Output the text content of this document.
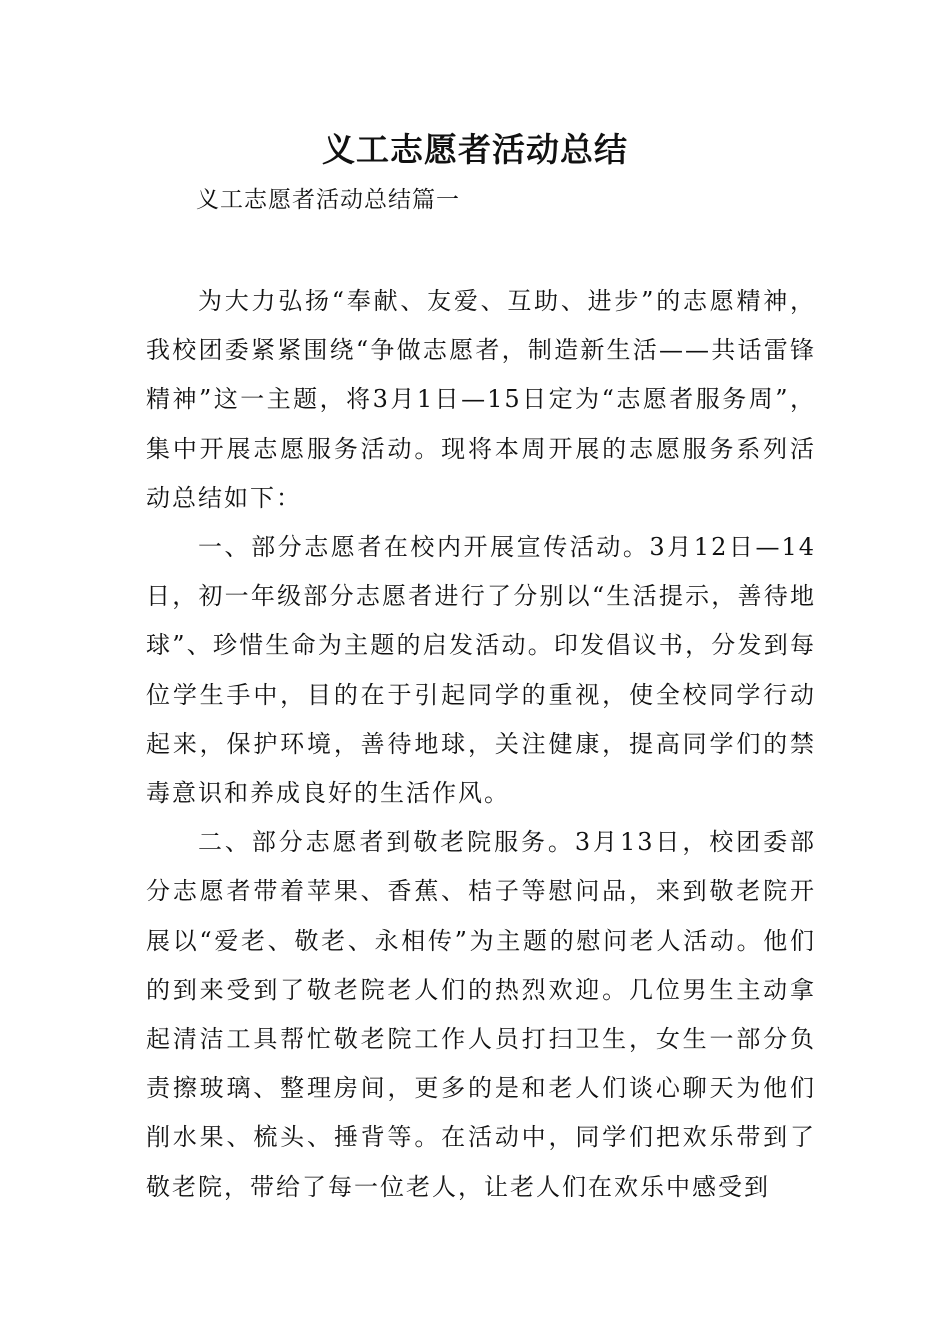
义工志愿者活动总结

义工志愿者活动总结篇一

为大力弘扬“奉献、友爱、互助、进步”的志愿精神，我校团委紧紧围绕“争做志愿者，制造新生活——共话雷锋精神”这一主题，将3月1日—15日定为“志愿者服务周”，集中开展志愿服务活动。现将本周开展的志愿服务系列活动总结如下：

一、部分志愿者在校内开展宣传活动。3月12日—14日，初一年级部分志愿者进行了分别以“生活提示，善待地球”、珍惜生命为主题的启发活动。印发倡议书，分发到每位学生手中，目的在于引起同学的重视，使全校同学行动起来，保护环境，善待地球，关注健康，提高同学们的禁毒意识和养成良好的生活作风。

二、部分志愿者到敬老院服务。3月13日，校团委部分志愿者带着苹果、香蕉、桔子等慰问品，来到敬老院开展以“爱老、敬老、永相传”为主题的慰问老人活动。他们的到来受到了敬老院老人们的热烈欢迎。几位男生主动拿起清洁工具帮忙敬老院工作人员打扫卫生，女生一部分负责擦玻璃、整理房间，更多的是和老人们谈心聊天为他们削水果、梳头、捶背等。在活动中，同学们把欢乐带到了敬老院，带给了每一位老人，让老人们在欢乐中感受到
